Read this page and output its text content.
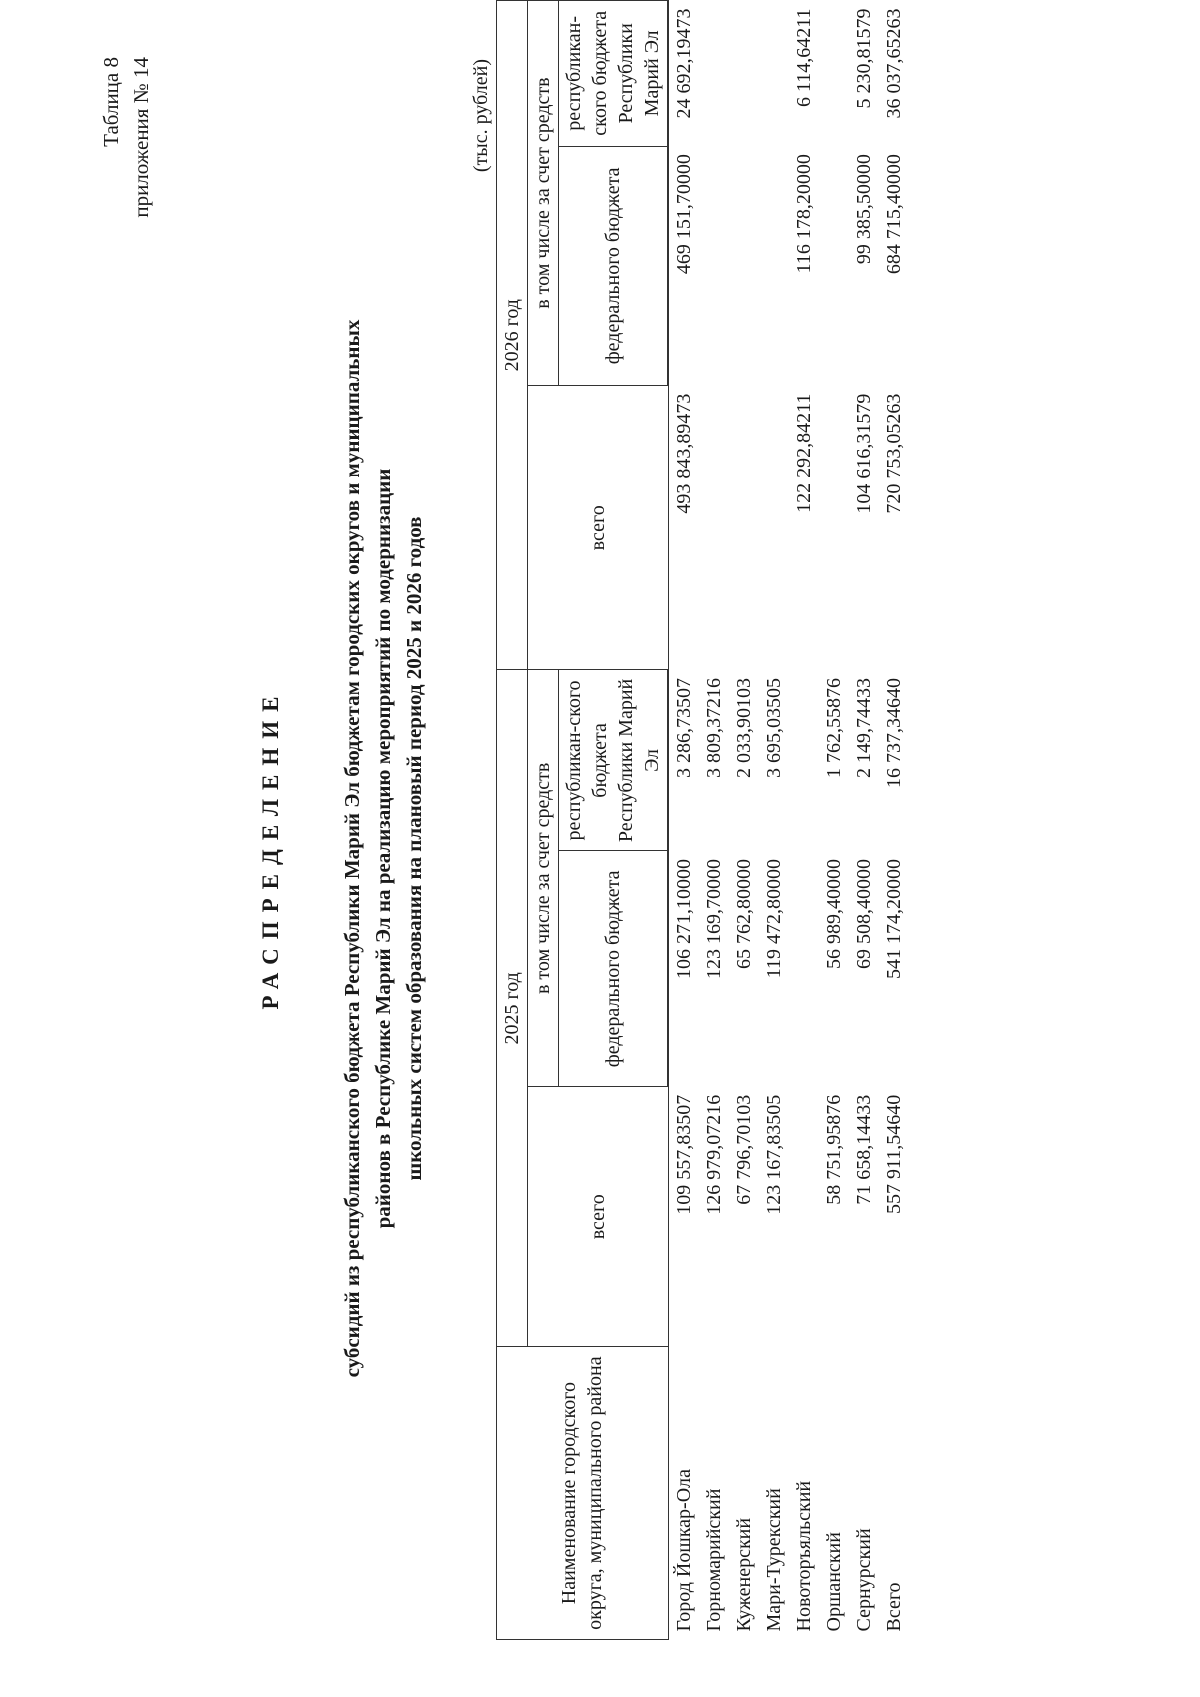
Таблица 8 приложения № 14
РАСПРЕДЕЛЕНИЕ	субсидий из республиканского бюджета Республики Марий Эл бюджетам городских округов и муниципальных районов в Республике Марий Эл на реализацию мероприятий по модернизации школьных систем образования на плановый период 2025 и 2026 годов
(тыс. рублей)
Наименование городского округа, муниципального района	2025 год			2026 год		
	всего	в том числе за счет средств		всего	в том числе за счет средств	
		федерального бюджета	республикан-ского бюджета Республики Марий Эл		федерального бюджета	республикан-ского бюджета Республики Марий Эл
Город Йошкар-Ола	109 557,83507	106 271,10000	3 286,73507	493 843,89473	469 151,70000	24 692,19473
Горномарийский	126 979,07216	123 169,70000	3 809,37216			
Куженерский	67 796,70103	65 762,80000	2 033,90103			
Мари-Турекский	123 167,83505	119 472,80000	3 695,03505			
Новоторъяльский				122 292,84211	116 178,20000	6 114,64211
Оршанский	58 751,95876	56 989,40000	1 762,55876			
Сернурский	71 658,14433	69 508,40000	2 149,74433	104 616,31579	99 385,50000	5 230,81579
Всего	557 911,54640	541 174,20000	16 737,34640	720 753,05263	684 715,40000	36 037,65263
